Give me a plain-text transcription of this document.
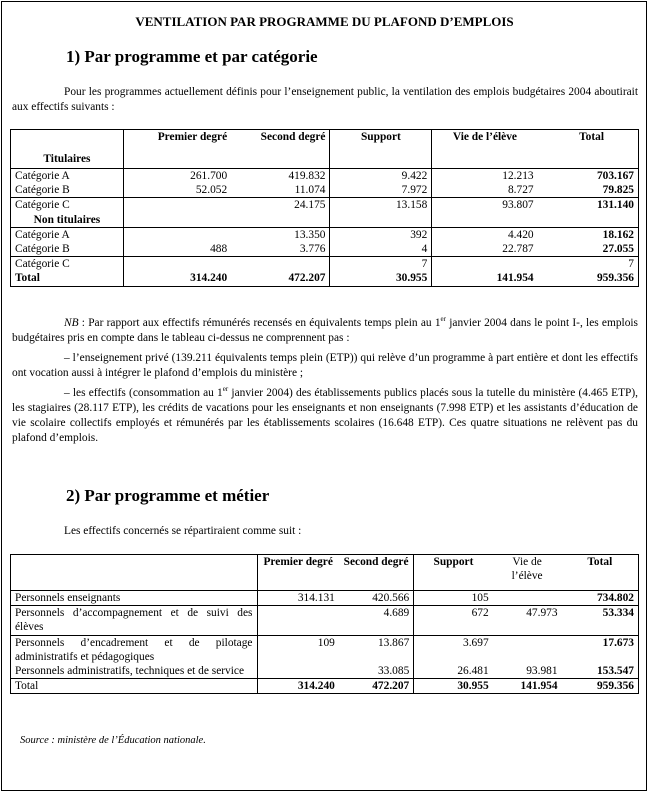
VENTILATION PAR PROGRAMME DU PLAFOND D’EMPLOIS
1) Par programme et par catégorie

Pour les programmes actuellement définis pour l’enseignement public, la ventilation des emplois budgétaires 2004 aboutirait aux effectifs suivants :

	Premier degré	Second degré	Support	Vie de l’élève	Total
Titulaires					
Catégorie A	261.700	419.832	9.422	12.213	703.167
Catégorie B	52.052	11.074	7.972	8.727	79.825
Catégorie C		24.175	13.158	93.807	131.140
Non titulaires					
Catégorie A		13.350	392	4.420	18.162
Catégorie B	488	3.776	4	22.787	27.055
Catégorie C			7		7
Total	314.240	472.207	30.955	141.954	959.356

NB : Par rapport aux effectifs rémunérés recensés en équivalents temps plein au 1er janvier 2004 dans le point I-, les emplois budgétaires pris en compte dans le tableau ci-dessus ne comprennent pas :

– l’enseignement privé (139.211 équivalents temps plein (ETP)) qui relève d’un programme à part entière et dont les effectifs ont vocation aussi à intégrer le plafond d’emplois du ministère ;

– les effectifs (consommation au 1er janvier 2004) des établissements publics placés sous la tutelle du ministère (4.465 ETP), les stagiaires (28.117 ETP), les crédits de vacations pour les enseignants et non enseignants (7.998 ETP) et les assistants d’éducation de vie scolaire collectifs employés et rémunérés par les établissements scolaires (16.648 ETP). Ces quatre situations ne relèvent pas du plafond d’emplois.

2) Par programme et métier

Les effectifs concernés se répartiraient comme suit :

	Premier degré	Second degré	Support	Vie de l’élève	Total
Personnels enseignants	314.131	420.566	105		734.802
Personnels d’accompagnement et de suivi des élèves		4.689	672	47.973	53.334
Personnels d’encadrement et de pilotage administratifs et pédagogiques	109	13.867	3.697		17.673
Personnels administratifs, techniques et de service		33.085	26.481	93.981	153.547
Total	314.240	472.207	30.955	141.954	959.356
Source : ministère de l’Éducation nationale.
